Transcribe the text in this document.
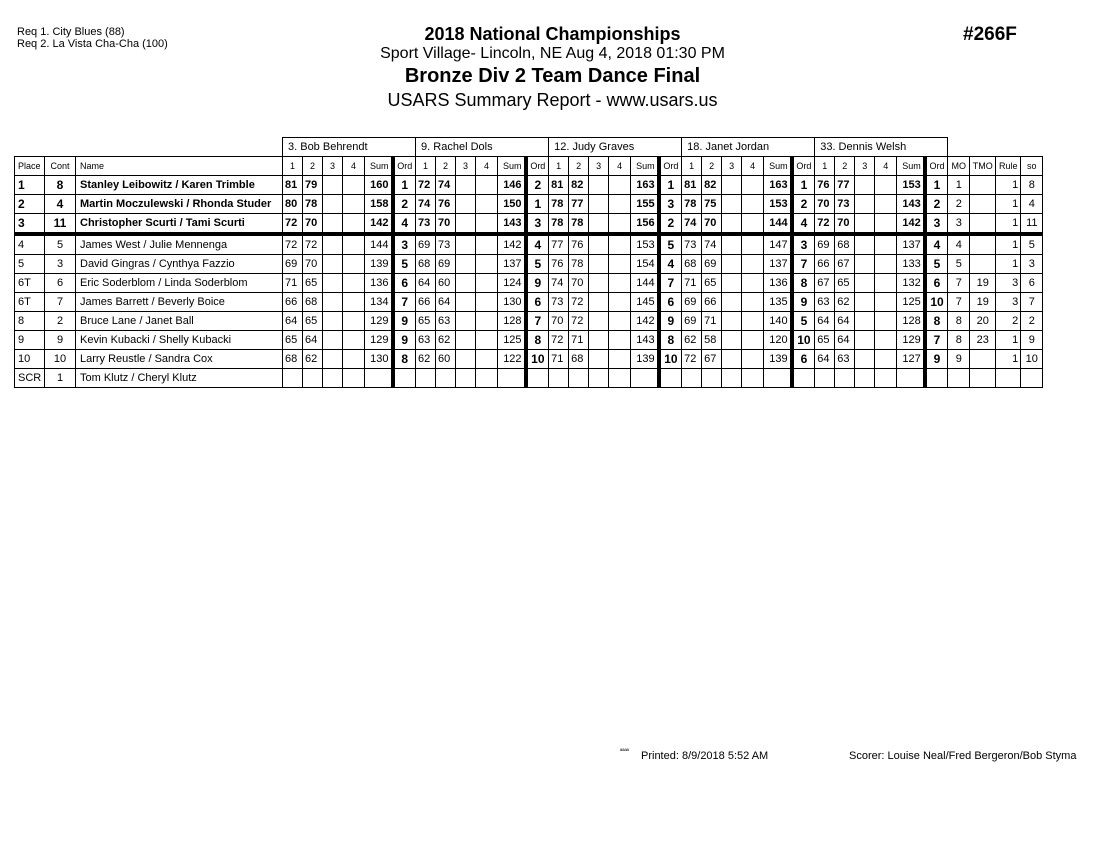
Req 1. City Blues (88)
Req 2. La Vista Cha-Cha (100)	2018 National Championships
Sport Village- Lincoln, NE Aug 4, 2018 01:30 PM
Bronze Div 2 Team Dance Final
USARS Summary Report - www.usars.us
#266F
			3. Bob Behrendt						9. Rachel Dols						12. Judy Graves						18. Janet Jordan						33. Dennis Welsh									
Place	Cont	Name	1	2	3	4	Sum	Ord	1	2	3	4	Sum	Ord	1	2	3	4	Sum	Ord	1	2	3	4	Sum	Ord	1	2	3	4	Sum	Ord	MO	TMO	Rule	so
1	8	Stanley Leibowitz / Karen Trimble	81	79			160	1	72	74			146	2	81	82			163	1	81	82			163	1	76	77			153	1	1		1	8
2	4	Martin Moczulewski / Rhonda Studer	80	78			158	2	74	76			150	1	78	77			155	3	78	75			153	2	70	73			143	2	2		1	4
3	11	Christopher Scurti / Tami Scurti	72	70			142	4	73	70			143	3	78	78			156	2	74	70			144	4	72	70			142	3	3		1	11
4	5	James West / Julie Mennenga	72	72			144	3	69	73			142	4	77	76			153	5	73	74			147	3	69	68			137	4	4		1	5
5	3	David Gingras / Cynthya Fazzio	69	70			139	5	68	69			137	5	76	78			154	4	68	69			137	7	66	67			133	5	5		1	3
6T	6	Eric Soderblom / Linda Soderblom	71	65			136	6	64	60			124	9	74	70			144	7	71	65			136	8	67	65			132	6	7	19	3	6
6T	7	James Barrett / Beverly Boice	66	68			134	7	66	64			130	6	73	72			145	6	69	66			135	9	63	62			125	10	7	19	3	7
8	2	Bruce Lane / Janet Ball	64	65			129	9	65	63			128	7	70	72			142	9	69	71			140	5	64	64			128	8	8	20	2	2
9	9	Kevin Kubacki / Shelly Kubacki	65	64			129	9	63	62			125	8	72	71			143	8	62	58			120	10	65	64			129	7	8	23	1	9
10	10	Larry Reustle / Sandra Cox	68	62			130	8	62	60			122	10	71	68			139	10	72	67			139	6	64	63			127	9	9		1	10
SCR	1	Tom Klutz / Cheryl Klutz																																		
ªªªª Printed: 8/9/2018 5:52 AM	Scorer: Louise Neal/Fred Bergeron/Bob Styma
